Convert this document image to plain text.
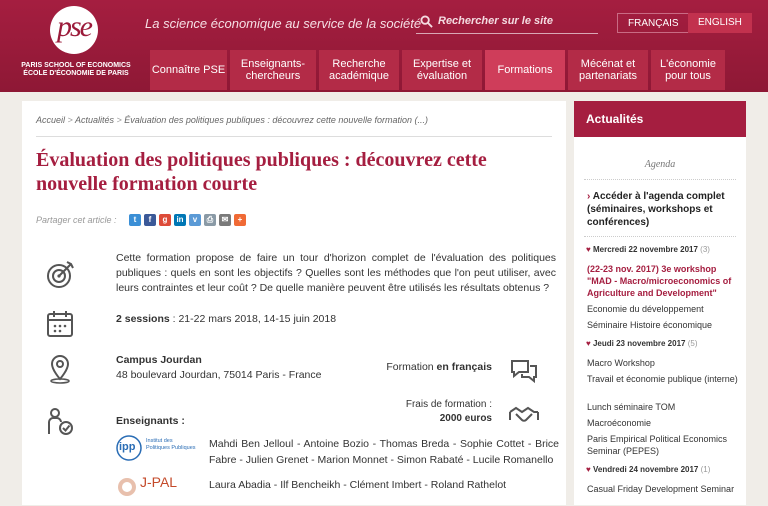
pse
PARIS SCHOOL OF ECONOMICS
ÉCOLE D'ÉCONOMIE DE PARIS
La science économique au service de la société Rechercher sur le site	FRANÇAIS	ENGLISH
Connaître PSE	Enseignants-chercheurs
Recherche académique
Expertise et évaluation	Formations	Mécénat et partenariats
L'économie pour tous
Accueil > Actualités > Évaluation des politiques publiques : découvrez cette nouvelle formation (...)
Évaluation des politiques publiques : découvrez cette nouvelle formation courte
Partager cet article :	t	f	g	in	v	⎙	✉	+
Cette formation propose de faire un tour d'horizon complet de l'évaluation des politiques publiques : quels en sont les objectifs ? Quelles sont les méthodes que l'on peut utiliser, avec leurs contraintes et leur coût ? De quelle manière peuvent être utilisés les résultats obtenus ?
2 sessions : 21-22 mars 2018, 14-15 juin 2018
Campus Jourdan
48 boulevard Jourdan, 75014 Paris - France
Formation en français
Frais de formation :
2000 euros
Enseignants :
ipp Institut des Politiques Publiques Mahdi Ben Jelloul - Antoine Bozio - Thomas Breda - Sophie Cottet - Brice Fabre - Julien Grenet - Marion Monnet - Simon Rabaté - Lucile Romanello
J-PAL	Laura Abadia - Ilf Bencheikh - Clément Imbert - Roland Rathelot
Actualités
Agenda
› Accéder à l'agenda complet (séminaires, workshops et conférences)
♥ Mercredi 22 novembre 2017 (3)
(22-23 nov. 2017) 3e workshop "MAD - Macro/microeconomics of Agriculture and Development"
Economie du développement
Séminaire Histoire économique
♥ Jeudi 23 novembre 2017 (5)
Macro Workshop
Travail et économie publique (interne)
Lunch séminaire TOM
Macroéconomie
Paris Empirical Political Economics Seminar (PEPES)
♥ Vendredi 24 novembre 2017 (1)
Casual Friday Development Seminar
